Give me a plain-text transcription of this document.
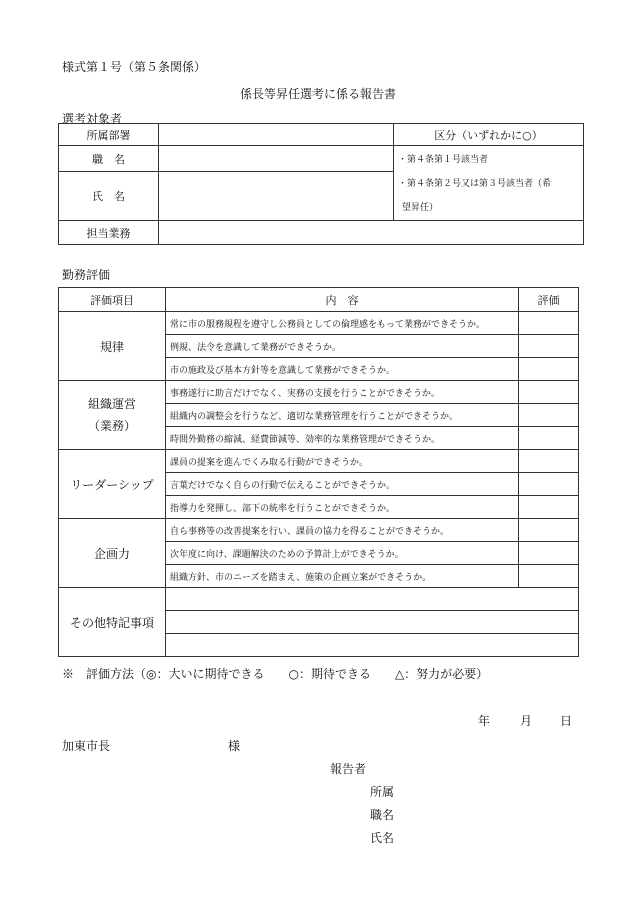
様式第１号（第５条関係）
係長等昇任選考に係る報告書
選考対象者
所属部署		区分（いずれかに○）
職　名		・第４条第１号該当者
・第４条第２号又は第３号該当者（希
望昇任）

氏　名		
担当業務		
勤務評価
評価項目	内　容	評価
規律	常に市の服務規程を遵守し公務員としての倫理感をもって業務ができそうか。	
	例規、法令を意識して業務ができそうか。	
	市の施政及び基本方針等を意識して業務ができそうか。	

組織運営
（業務）	事務遂行に助言だけでなく、実務の支援を行うことができそうか。	
	組織内の調整会を行うなど、適切な業務管理を行うことができそうか。	
	時間外勤務の縮減、経費節減等、効率的な業務管理ができそうか。	
リーダーシップ	課員の提案を進んでくみ取る行動ができそうか。	
	言葉だけでなく自らの行動で伝えることができそうか。	
	指導力を発揮し、部下の統率を行うことができそうか。	
企画力	自ら事務等の改善提案を行い、課員の協力を得ることができそうか。	
	次年度に向け、課題解決のための予算計上ができそうか。	
	組織方針、市のニーズを踏まえ、施策の企画立案ができそうか。	
その他特記事項		

※　評価方法（◎：大いに期待できる　　○：期待できる　　△：努力が必要）
年 月 日
加東市長	様
報告者
所属
職名
氏名
